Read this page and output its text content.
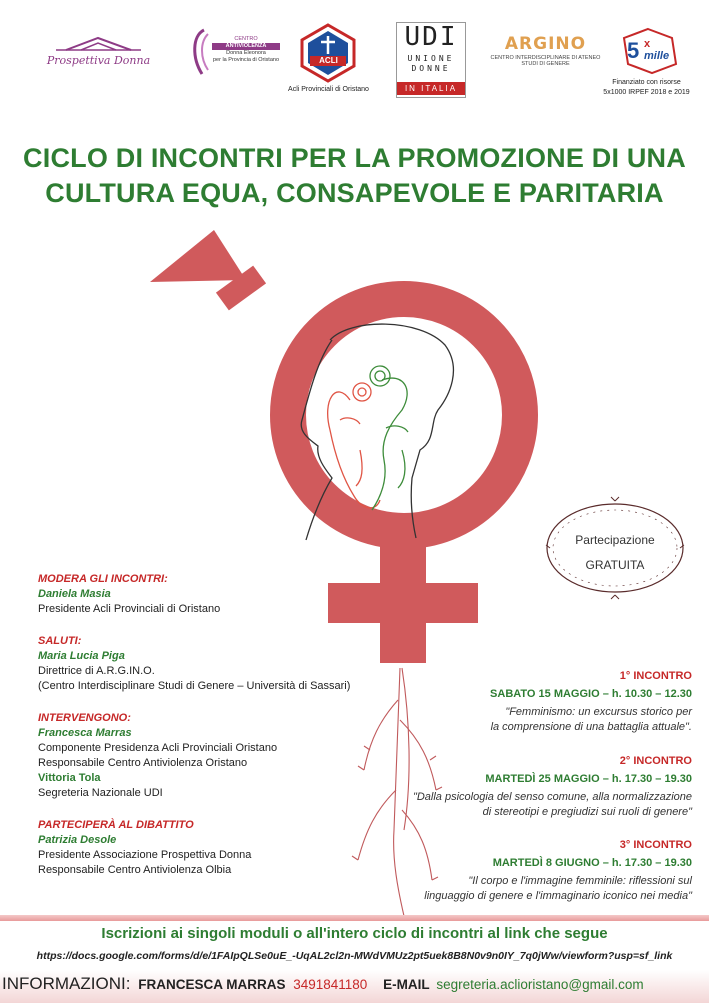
Prospettiva Donna
CENTRO
ANTIVIOLENZA
Donna Eleonora
per la Provincia di Oristano	ACLI
Acli Provinciali di Oristano
UDI
UNIONE
DONNE
IN ITALIA
ARGINO
CENTRO INTERDISCIPLINARE DI ATENEO
STUDI DI GENERE
5 x
mille
Finanziato con risorse
5x1000 IRPEF 2018 e 2019
CICLO DI INCONTRI PER LA PROMOZIONE DI UNA
CULTURA EQUA, CONSAPEVOLE E PARITARIA
Partecipazione
GRATUITA
MODERA GLI INCONTRI:
Daniela Masia
Presidente Acli Provinciali di Oristano
SALUTI:
Maria Lucia Piga
Direttrice di A.R.G.IN.O.
(Centro Interdisciplinare Studi di Genere – Università di Sassari)
INTERVENGONO:
Francesca Marras
Componente Presidenza Acli Provinciali Oristano
Responsabile Centro Antiviolenza Oristano
Vittoria Tola
Segreteria Nazionale UDI
PARTECIPERÀ AL DIBATTITO
Patrizia Desole
Presidente Associazione Prospettiva Donna
Responsabile Centro Antiviolenza Olbia
1° INCONTRO
SABATO 15 MAGGIO – h. 10.30 – 12.30
"Femminismo: un excursus storico per
la comprensione di una battaglia attuale".
2° INCONTRO
MARTEDÌ 25 MAGGIO – h. 17.30 – 19.30
"Dalla psicologia del senso comune, alla normalizzazione
di stereotipi e pregiudizi sui ruoli di genere"
3° INCONTRO
MARTEDÌ 8 GIUGNO – h. 17.30 – 19.30
"Il corpo e l'immagine femminile: riflessioni sul
linguaggio di genere e l'immaginario iconico nei media"
Iscrizioni ai singoli moduli o all'intero ciclo di incontri al link che segue
https://docs.google.com/forms/d/e/1FAIpQLSe0uE_-UqAL2cl2n-MWdVMUz2pt5uek8B8N0v9n0IY_7q0jWw/viewform?usp=sf_link
INFORMAZIONI: FRANCESCA MARRAS 3491841180 E-MAIL segreteria.aclioristano@gmail.com
